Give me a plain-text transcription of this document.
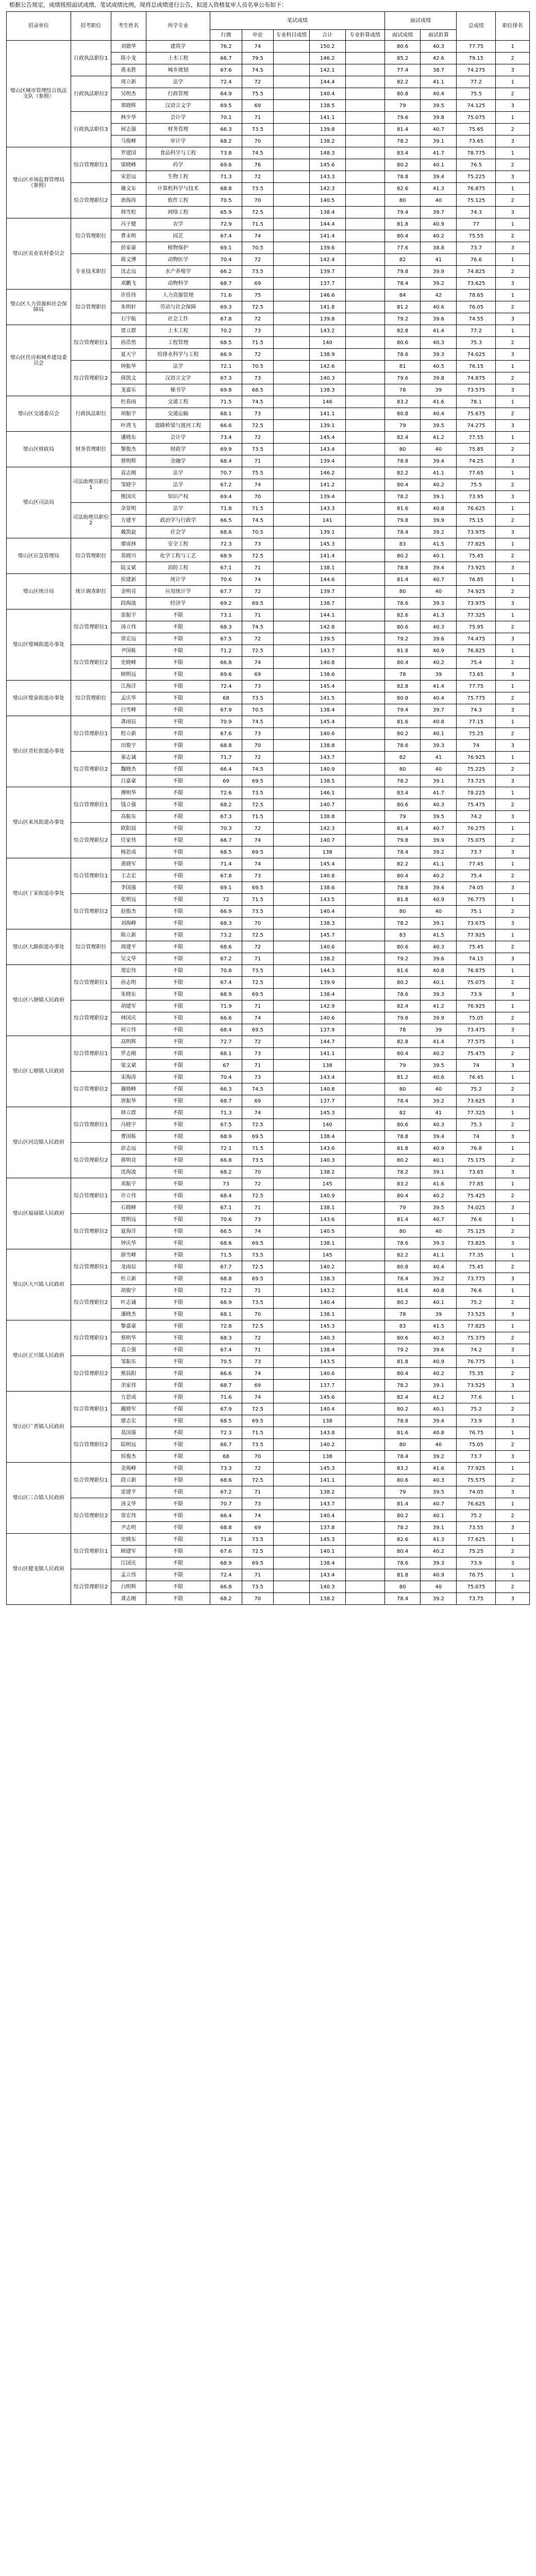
根据公告规定，成绩按照面试成绩、笔试成绩比例，现将总成绩进行公告，拟进入资格复审人员名单公布如下：
招录单位	招考职位	考生姓名	所学专业	笔试成绩					面试成绩		总成绩	职位排名
				行测	申论	专业科目成绩	合计	专业折算成绩	面试成绩	面试折算		
璧山区城市管理综合执法支队（参照）	行政执法职位1	刘德华	建筑学	76.2	74		150.2		80.6	40.3	77.75	1
		陈小龙	土木工程	66.7	79.5		146.2		85.2	42.6	79.15	2
		黄永胜	城乡规划	67.6	74.5		142.1		77.4	38.7	74.275	3
	行政执法职位2	周立新	法学	72.4	72		144.4		82.2	41.1	77.2	1
		吴明杰	行政管理	64.9	75.5		140.4		80.8	40.4	75.5	2
		郑晓辉	汉语言文学	69.5	69		138.5		79	39.5	74.125	3
	行政执法职位3	林少华	会计学	70.1	71		141.1		79.6	39.8	75.075	1
		何志强	财务管理	66.3	73.5		139.8		81.4	40.7	75.65	2
		马俊峰	审计学	68.2	70		138.2		78.2	39.1	73.65	3
璧山区市场监督管理局（参照）	综合管理职位1	罗建国	食品科学与工程	73.8	74.5		148.3		83.4	41.7	78.775	1
		梁晓峰	药学	69.6	76		145.6		80.2	40.1	76.5	2
		宋思远	生物工程	71.3	72		143.3		78.8	39.4	75.225	3
	综合管理职位2	谢文东	计算机科学与技术	68.8	73.5		142.3		82.6	41.3	76.875	1
		唐海涛	软件工程	70.5	70		140.5		80	40	75.125	2
		韩雪松	网络工程	65.9	72.5		138.4		79.4	39.7	74.3	3
璧山区农业农村委员会	综合管理职位	冯子健	农学	72.9	71.5		144.4		81.8	40.9	77	1
		曹永明	园艺	67.4	74		141.4		80.4	40.2	75.55	2
		彭家豪	植物保护	69.1	70.5		139.6		77.6	38.8	73.7	3
	专业技术职位	蒋文博	动物医学	70.4	72		142.4		82	41	76.6	1
		沈志远	水产养殖学	66.2	73.5		139.7		79.8	39.9	74.825	2
		邓鹏飞	动物科学	68.7	69		137.7		78.4	39.2	73.625	3
璧山区人力资源和社会保障局	综合管理职位	许佳伟	人力资源管理	71.6	75		146.6		84	42	78.65	1
		朱明轩	劳动与社会保障	69.3	72.5		141.8		81.2	40.6	76.05	2
		石宇航	社会工作	67.8	72		139.8		79.2	39.6	74.55	3
璧山区住房和城乡建设委员会	综合管理职位1	贾立群	土木工程	70.2	73		143.2		82.8	41.4	77.2	1
		孙浩然	工程管理	68.5	71.5		140		80.6	40.3	75.3	2
		夏天宇	给排水科学与工程	66.9	72		138.9		78.6	39.3	74.025	3
	综合管理职位2	钟振华	法学	72.1	70.5		142.6		81	40.5	76.15	1
		薛凯文	汉语言文学	67.3	73		140.3		79.6	39.8	74.875	2
		龙嘉乐	秘书学	69.8	68.5		138.3		78	39	73.575	3
璧山区交通委员会	行政执法职位	杜春雨	交通工程	71.5	74.5		146		83.2	41.6	78.1	1
		胡振宇	交通运输	68.1	73		141.1		80.8	40.4	75.675	2
		叶鸿飞	道路桥梁与渡河工程	66.6	72.5		139.1		79	39.5	74.275	3
璧山区财政局	财务管理职位	潘晓东	会计学	73.4	72		145.4		82.4	41.2	77.55	1
		黎俊杰	财政学	69.9	73.5		143.4		80	40	75.85	2
		蔡明辉	金融学	68.4	71		139.4		78.8	39.4	74.25	3
璧山区司法局	司法助理员职位1	袁志刚	法学	70.7	75.5		146.2		82.2	41.1	77.65	1
		邹晓宇	法学	67.2	74		141.2		80.4	40.2	75.5	2
		熊国庆	知识产权	69.4	70		139.4		78.2	39.1	73.95	3
	司法助理员职位2	余景明	法学	71.8	71.5		143.3		81.6	40.8	76.625	1
		方建平	政治学与行政学	66.5	74.5		141		79.8	39.9	75.15	2
		戴凯旋	社会学	68.6	70.5		139.1		78.4	39.2	73.975	3
璧山区应急管理局	综合管理职位	廖成林	安全工程	72.3	73		145.3		83	41.5	77.825	1
		莫晓川	化学工程与工艺	68.9	72.5		141.4		80.2	40.1	75.45	2
		陆文斌	消防工程	67.1	71		138.1		78.8	39.4	73.925	3
璧山区统计局	统计调查职位	侯建新	统计学	70.6	74		144.6		81.4	40.7	76.85	1
		金明亮	应用统计学	67.7	72		139.7		80	40	74.925	2
		段海波	经济学	69.2	69.5		138.7		78.6	39.3	73.975	3
璧山区璧城街道办事处	综合管理职位1	雷振宇	不限	73.1	71		144.1		82.6	41.3	77.325	1
		汤立伟	不限	68.3	74.5		142.8		80.6	40.3	75.95	2
		常宏远	不限	67.5	72		139.5		79.2	39.6	74.475	3
	综合管理职位2	尹国栋	不限	71.2	72.5		143.7		81.8	40.9	76.825	1
		史晓峰	不限	66.8	74		140.8		80.4	40.2	75.4	2
		顾明远	不限	69.6	69		138.6		78	39	73.65	3
璧山区璧泉街道办事处	综合管理职位	江海洋	不限	72.4	73		145.4		82.8	41.4	77.75	1
		孟庆华	不限	68	73.5		141.5		80.8	40.4	75.775	2
		白雪峰	不限	67.9	70.5		138.4		79.4	39.7	74.3	3
璧山区青杠街道办事处	综合管理职位1	龚雨辰	不限	70.9	74.5		145.4		81.6	40.8	77.15	1
		程立新	不限	67.6	73		140.6		80.2	40.1	75.25	2
		田俊宇	不限	68.8	70		138.8		78.6	39.3	74	3
	综合管理职位2	秦志诚	不限	71.7	72		143.7		82	41	76.925	1
		魏晓杰	不限	66.4	74.5		140.9		80	40	75.225	2
		吕嘉豪	不限	69	69.5		138.5		78.2	39.1	73.725	3
璧山区来凤街道办事处	综合管理职位1	傅明华	不限	72.6	73.5		146.1		83.4	41.7	78.225	1
		钱立强	不限	68.2	72.5		140.7		80.6	40.3	75.475	2
		高振东	不限	67.3	71.5		138.8		79	39.5	74.2	3
	综合管理职位2	欧阳晨	不限	70.3	72		142.3		81.4	40.7	76.275	1
		任家伟	不限	66.7	74		140.7		79.8	39.9	75.075	2
		杨思成	不限	68.5	69.5		138		78.4	39.2	73.7	3
璧山区丁家街道办事处	综合管理职位1	黄晓军	不限	71.4	74		145.4		82.2	41.1	77.45	1
		王志宏	不限	67.8	73		140.8		80.4	40.2	75.4	2
		李国强	不限	69.1	69.5		138.6		78.8	39.4	74.05	3
	综合管理职位2	张明远	不限	72	71.5		143.5		81.8	40.9	76.775	1
		赵俊杰	不限	66.9	73.5		140.4		80	40	75.1	2
		刘海峰	不限	68.3	70		138.3		78.2	39.1	73.675	3
璧山区大路街道办事处	综合管理职位	陈立新	不限	73.2	72.5		145.7		83	41.5	77.925	1
		周建平	不限	68.6	72		140.6		80.6	40.3	75.45	2
		吴文华	不限	67.2	71		138.2		79.2	39.6	74.15	3
璧山区八塘镇人民政府	综合管理职位1	郑宏伟	不限	70.8	73.5		144.3		81.6	40.8	76.875	1
		孙志明	不限	67.4	72.5		139.9		80.2	40.1	75.075	2
		朱晓东	不限	68.9	69.5		138.4		78.6	39.3	73.9	3
	综合管理职位2	胡建军	不限	71.9	71		142.9		82.4	41.2	76.925	1
		林国庆	不限	66.6	74		140.6		79.8	39.9	75.05	2
		何立伟	不限	68.4	69.5		137.9		78	39	73.475	3
璧山区七塘镇人民政府	综合管理职位1	高明辉	不限	72.7	72		144.7		82.8	41.4	77.575	1
		罗志刚	不限	68.1	73		141.1		80.4	40.2	75.475	2
		梁文斌	不限	67	71		138		79	39.5	74	3
	综合管理职位2	宋海涛	不限	70.4	73		143.4		81.2	40.6	76.45	1
		谢晓峰	不限	66.3	74.5		140.8		80	40	75.2	2
		唐振华	不限	68.7	69		137.7		78.4	39.2	73.625	3
璧山区河边镇人民政府	综合管理职位1	韩立群	不限	71.3	74		145.3		82	41	77.325	1
		冯晓宇	不限	67.5	72.5		140		80.6	40.3	75.3	2
		曹国栋	不限	68.9	69.5		138.4		78.8	39.4	74	3
	综合管理职位2	彭志远	不限	72.1	71.5		143.6		81.8	40.9	76.8	1
		蒋明亮	不限	66.8	73.5		140.3		80.2	40.1	75.175	2
		沈海波	不限	68.2	70		138.2		78.2	39.1	73.65	3
璧山区福禄镇人民政府	综合管理职位1	邓振宇	不限	73	72		145		83.2	41.6	77.85	1
		许立伟	不限	68.4	72.5		140.9		80.4	40.2	75.425	2
		石晓峰	不限	67.1	71		138.1		79	39.5	74.025	3
	综合管理职位2	贾明远	不限	70.6	73		143.6		81.4	40.7	76.6	1
		夏海洋	不限	66.5	74		140.5		80	40	75.125	2
		钟庆华	不限	68.6	69.5		138.1		78.6	39.3	73.825	3
璧山区大兴镇人民政府	综合管理职位1	薛雪峰	不限	71.5	73.5		145		82.2	41.1	77.35	1
		龙雨辰	不限	67.7	72.5		140.2		80.8	40.4	75.45	2
		杜立新	不限	68.8	69.5		138.3		78.4	39.2	73.775	3
	综合管理职位2	胡俊宇	不限	72.2	71		143.2		81.6	40.8	76.6	1
		叶志诚	不限	66.9	73.5		140.4		80.2	40.1	75.2	2
		潘晓杰	不限	68.1	70		138.1		78	39	73.525	3
璧山区正兴镇人民政府	综合管理职位1	黎嘉豪	不限	72.8	72.5		145.3		83	41.5	77.825	1
		蔡明华	不限	68.3	72		140.3		80.6	40.3	75.375	2
		袁立强	不限	67.4	71		138.4		79.2	39.6	74.2	3
	综合管理职位2	邹振东	不限	70.5	73		143.5		81.8	40.9	76.775	1
		熊晨阳	不限	66.6	74		140.6		80.4	40.2	75.35	2
		余家伟	不限	68.7	69		137.7		78.2	39.1	73.525	3
璧山区广普镇人民政府	综合管理职位1	方思成	不限	71.6	74		145.6		82.4	41.2	77.6	1
		戴晓军	不限	67.9	72.5		140.4		80.2	40.1	75.2	2
		廖志宏	不限	68.5	69.5		138		78.8	39.4	73.9	3
	综合管理职位2	莫国强	不限	72.3	71.5		143.8		81.6	40.8	76.75	1
		陆明远	不限	66.7	73.5		140.2		80	40	75.05	2
		侯俊杰	不限	68	70		138		78.4	39.2	73.7	3
璧山区三合镇人民政府	综合管理职位1	金海峰	不限	73.3	72		145.3		83.2	41.6	77.925	1
		段立新	不限	68.6	72.5		141.1		80.6	40.3	75.575	2
		雷建平	不限	67.2	71		138.2		79	39.5	74.05	3
	综合管理职位2	汤文华	不限	70.7	73		143.7		81.4	40.7	76.625	1
		常宏伟	不限	66.4	74		140.4		80.2	40.1	75.2	2
		尹志明	不限	68.8	69		137.8		78.2	39.1	73.55	3
璧山区健龙镇人民政府	综合管理职位1	史晓东	不限	71.8	73.5		145.3		82.6	41.3	77.625	1
		顾建军	不限	67.6	72.5		140.1		80.4	40.2	75.25	2
		江国庆	不限	68.9	69.5		138.4		78.6	39.3	73.9	3
	综合管理职位2	孟立伟	不限	72.4	71		143.4		81.8	40.9	76.75	1
		白明辉	不限	66.8	73.5		140.3		80	40	75.075	2
		龚志刚	不限	68.2	70		138.2		78.4	39.2	73.75	3
